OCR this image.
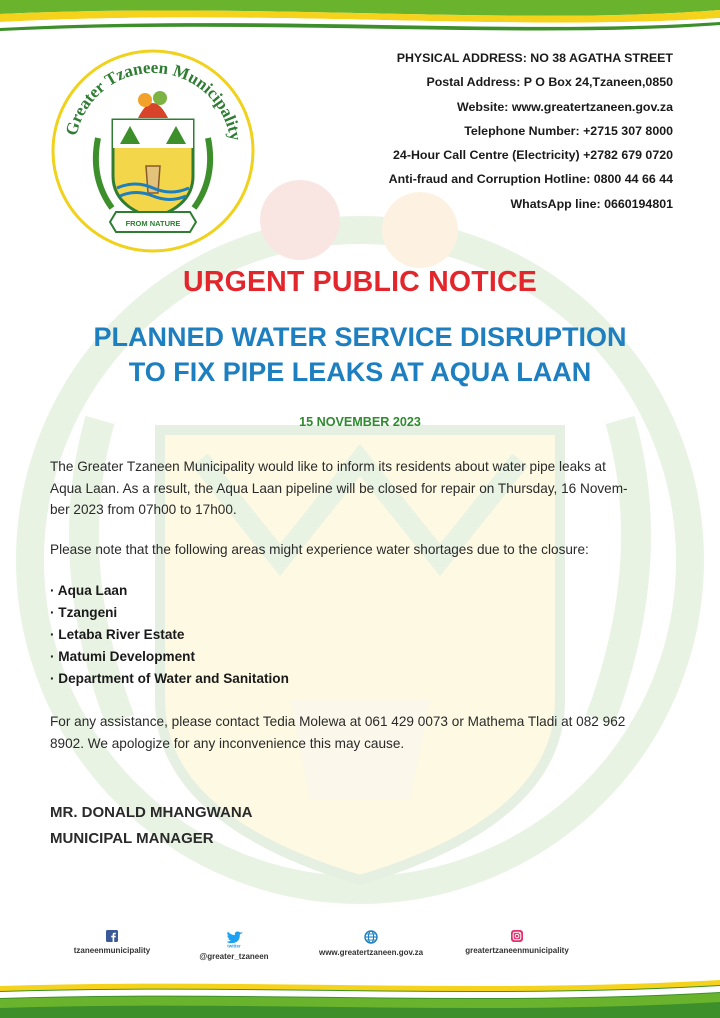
Greater Tzaneen Municipality
FROM NATURE
PHYSICAL ADDRESS: NO 38 AGATHA STREET
Postal Address: P O Box 24,Tzaneen,0850
Website: www.greatertzaneen.gov.za
Telephone Number: +2715 307 8000
24-Hour Call Centre (Electricity) +2782 679 0720
Anti-fraud and Corruption Hotline: 0800 44 66 44
WhatsApp line: 0660194801
URGENT PUBLIC NOTICE
PLANNED WATER SERVICE DISRUPTION
TO FIX PIPE LEAKS AT AQUA LAAN
15 NOVEMBER 2023
The Greater Tzaneen Municipality would like to inform its residents about water pipe leaks at
Aqua Laan. As a result, the Aqua Laan pipeline will be closed for repair on Thursday, 16 Novem-
ber 2023 from 07h00 to 17h00.
Please note that the following areas might experience water shortages due to the closure:
· Aqua Laan
· Tzangeni
· Letaba River Estate
· Matumi Development
· Department of Water and Sanitation
For any assistance, please contact Tedia Molewa at 061 429 0073 or Mathema Tladi at 082 962
8902. We apologize for any inconvenience this may cause.
MR. DONALD MHANGWANA
MUNICIPAL MANAGER
tzaneenmunicipality	twitter
@greater_tzaneen	www.greatertzaneen.gov.za	greatertzaneenmunicipality
